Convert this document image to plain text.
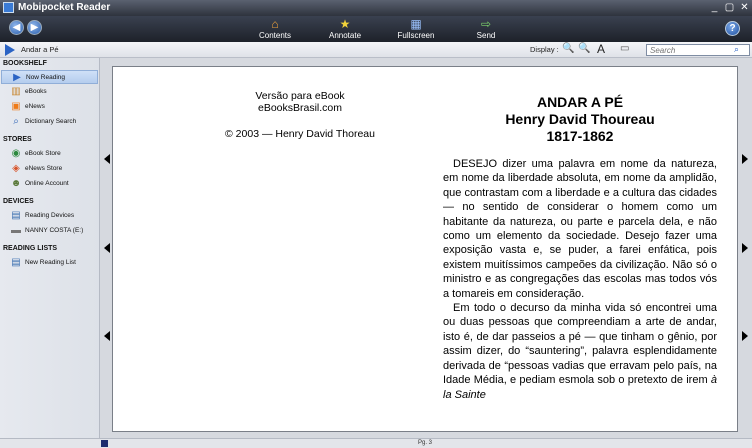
Mobipocket Reader	_ ▢ ✕
◀	▶	⌂
Contents
★
Annotate
▦
Fullscreen
⇨
Send
?
Andar a Pé	Display : 🔍 🔍 A ▭
Search	⌕
BOOKSHELF
▶ Now Reading
▥ eBooks
▣ eNews
⌕ Dictionary Search
STORES
◉ eBook Store
◈ eNews Store
☻ Online Account
DEVICES
▤ Reading Devices
▬ NANNY COSTA (E:)
READING LISTS
▤ New Reading List
Versão para eBook
eBooksBrasil.com
© 2003 — Henry David Thoreau
ANDAR A PÉ
Henry David Thoureau
1817-1862

DESEJO dizer uma palavra em nome da natureza, em nome da liberdade absoluta, em nome da amplidão, que contrastam com a liberdade e a cultura das cidades — no sentido de considerar o homem como um habitante da natureza, ou parte e parcela dela, e não como um elemento da sociedade. Desejo fazer uma exposição vasta e, se puder, a farei enfática, pois existem muitíssimos campeões da civilização. Não só o ministro e as congregações das escolas mas todos vós a tomareis em consideração.

Em todo o decurso da minha vida só encontrei uma ou duas pessoas que compreendiam a arte de andar, isto é, de dar passeios a pé — que tinham o gênio, por assim dizer, do “sauntering”, palavra esplendidamente derivada de “pessoas vadias que erravam pelo país, na Idade Média, e pediam esmola sob o pretexto de irem à la Sainte

Pg. 3
